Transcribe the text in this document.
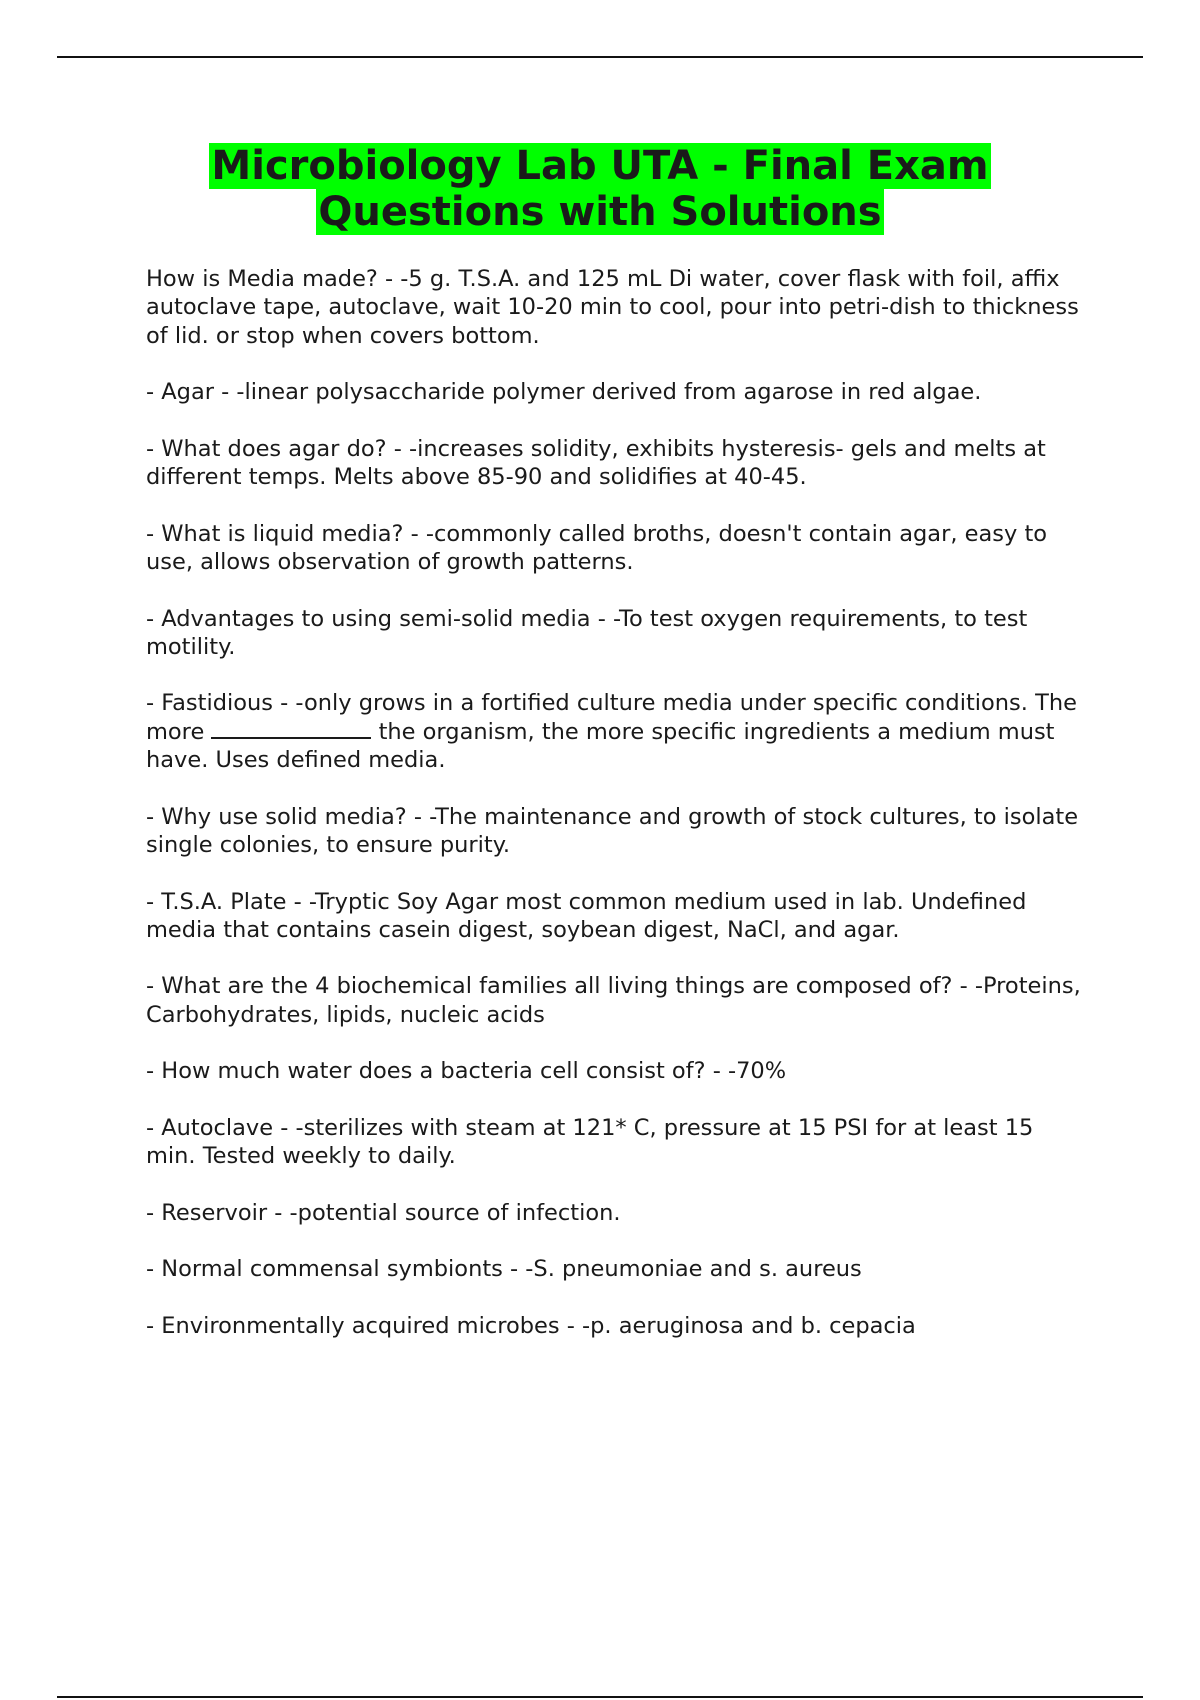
Microbiology Lab UTA - Final Exam
Questions with Solutions

How is Media made? - -5 g. T.S.A. and 125 mL Di water, cover flask with foil, affix autoclave tape, autoclave, wait 10-20 min to cool, pour into petri-dish to thickness of lid. or stop when covers bottom.

- Agar - -linear polysaccharide polymer derived from agarose in red algae.

- What does agar do? - -increases solidity, exhibits hysteresis- gels and melts at different temps. Melts above 85-90 and solidifies at 40-45.

- What is liquid media? - -commonly called broths, doesn't contain agar, easy to use, allows observation of growth patterns.

- Advantages to using semi-solid media - -To test oxygen requirements, to test motility.

- Fastidious - -only grows in a fortified culture media under specific conditions. The more	the organism, the more specific ingredients a medium must have. Uses defined media.

- Why use solid media? - -The maintenance and growth of stock cultures, to isolate single colonies, to ensure purity.

- T.S.A. Plate - -Tryptic Soy Agar most common medium used in lab. Undefined media that contains casein digest, soybean digest, NaCl, and agar.

- What are the 4 biochemical families all living things are composed of? - -Proteins, Carbohydrates, lipids, nucleic acids

- How much water does a bacteria cell consist of? - -70%

- Autoclave - -sterilizes with steam at 121* C, pressure at 15 PSI for at least 15 min. Tested weekly to daily.

- Reservoir - -potential source of infection.

- Normal commensal symbionts - -S. pneumoniae and s. aureus

- Environmentally acquired microbes - -p. aeruginosa and b. cepacia
